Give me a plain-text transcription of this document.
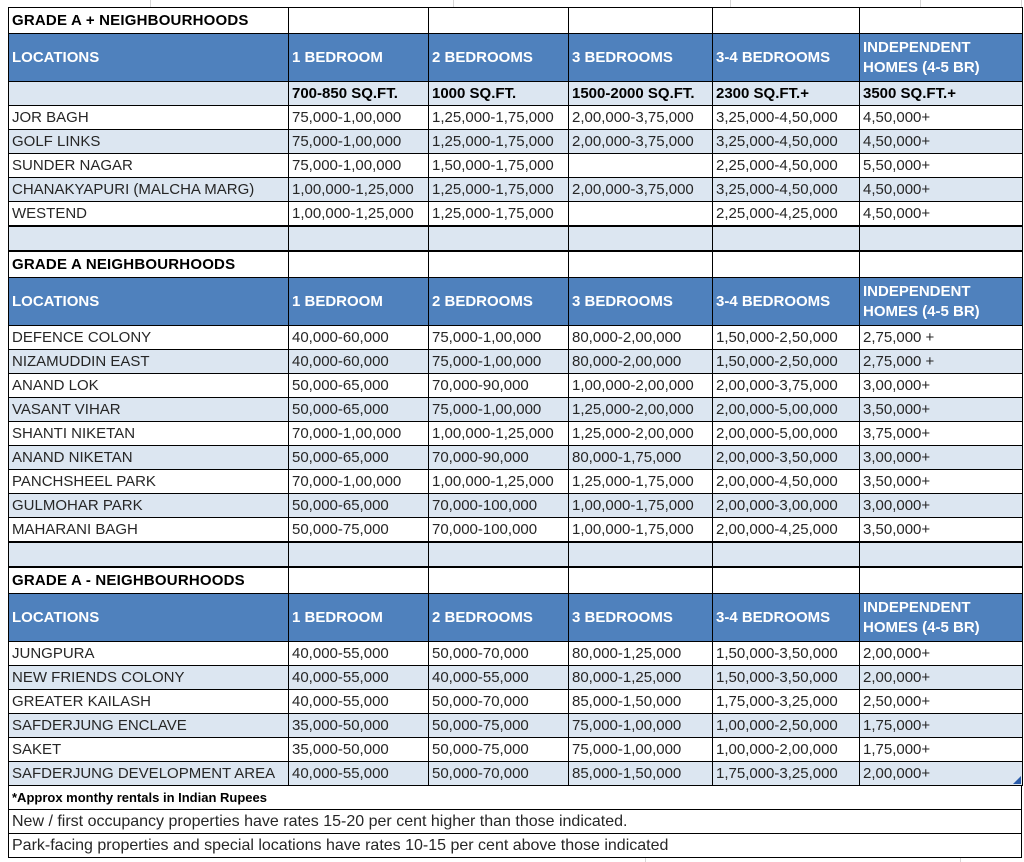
GRADE A + NEIGHBOURHOODS					
LOCATIONS	1 BEDROOM	2 BEDROOMS	3 BEDROOMS	3-4 BEDROOMS	INDEPENDENT HOMES (4-5 BR)
	700-850 SQ.FT.	1000 SQ.FT.	1500-2000 SQ.FT.	2300 SQ.FT.+	3500 SQ.FT.+
JOR BAGH	75,000-1,00,000	1,25,000-1,75,000	2,00,000-3,75,000	3,25,000-4,50,000	4,50,000+
GOLF LINKS	75,000-1,00,000	1,25,000-1,75,000	2,00,000-3,75,000	3,25,000-4,50,000	4,50,000+
SUNDER NAGAR	75,000-1,00,000	1,50,000-1,75,000		2,25,000-4,50,000	5,50,000+
CHANAKYAPURI (MALCHA MARG)	1,00,000-1,25,000	1,25,000-1,75,000	2,00,000-3,75,000	3,25,000-4,50,000	4,50,000+
WESTEND	1,00,000-1,25,000	1,25,000-1,75,000		2,25,000-4,25,000	4,50,000+

GRADE A NEIGHBOURHOODS					
LOCATIONS	1 BEDROOM	2 BEDROOMS	3 BEDROOMS	3-4 BEDROOMS	INDEPENDENT HOMES (4-5 BR)
DEFENCE COLONY	40,000-60,000	75,000-1,00,000	80,000-2,00,000	1,50,000-2,50,000	2,75,000 +
NIZAMUDDIN EAST	40,000-60,000	75,000-1,00,000	80,000-2,00,000	1,50,000-2,50,000	2,75,000 +
ANAND LOK	50,000-65,000	70,000-90,000	1,00,000-2,00,000	2,00,000-3,75,000	3,00,000+
VASANT VIHAR	50,000-65,000	75,000-1,00,000	1,25,000-2,00,000	2,00,000-5,00,000	3,50,000+
SHANTI NIKETAN	70,000-1,00,000	1,00,000-1,25,000	1,25,000-2,00,000	2,00,000-5,00,000	3,75,000+
ANAND NIKETAN	50,000-65,000	70,000-90,000	80,000-1,75,000	2,00,000-3,50,000	3,00,000+
PANCHSHEEL PARK	70,000-1,00,000	1,00,000-1,25,000	1,25,000-1,75,000	2,00,000-4,50,000	3,50,000+
GULMOHAR PARK	50,000-65,000	70,000-100,000	1,00,000-1,75,000	2,00,000-3,00,000	3,00,000+
MAHARANI BAGH	50,000-75,000	70,000-100,000	1,00,000-1,75,000	2,00,000-4,25,000	3,50,000+

GRADE A - NEIGHBOURHOODS					
LOCATIONS	1 BEDROOM	2 BEDROOMS	3 BEDROOMS	3-4 BEDROOMS	INDEPENDENT HOMES (4-5 BR)
JUNGPURA	40,000-55,000	50,000-70,000	80,000-1,25,000	1,50,000-3,50,000	2,00,000+
NEW FRIENDS COLONY	40,000-55,000	40,000-55,000	80,000-1,25,000	1,50,000-3,50,000	2,00,000+
GREATER KAILASH	40,000-55,000	50,000-70,000	85,000-1,50,000	1,75,000-3,25,000	2,50,000+
SAFDERJUNG ENCLAVE	35,000-50,000	50,000-75,000	75,000-1,00,000	1,00,000-2,50,000	1,75,000+
SAKET	35,000-50,000	50,000-75,000	75,000-1,00,000	1,00,000-2,00,000	1,75,000+
SAFDERJUNG DEVELOPMENT AREA	40,000-55,000	50,000-70,000	85,000-1,50,000	1,75,000-3,25,000	2,00,000+
*Approx monthy rentals in Indian Rupees
New / first occupancy properties have rates 15-20 per cent higher than those indicated.
Park-facing properties and special locations have rates 10-15 per cent above those indicated
